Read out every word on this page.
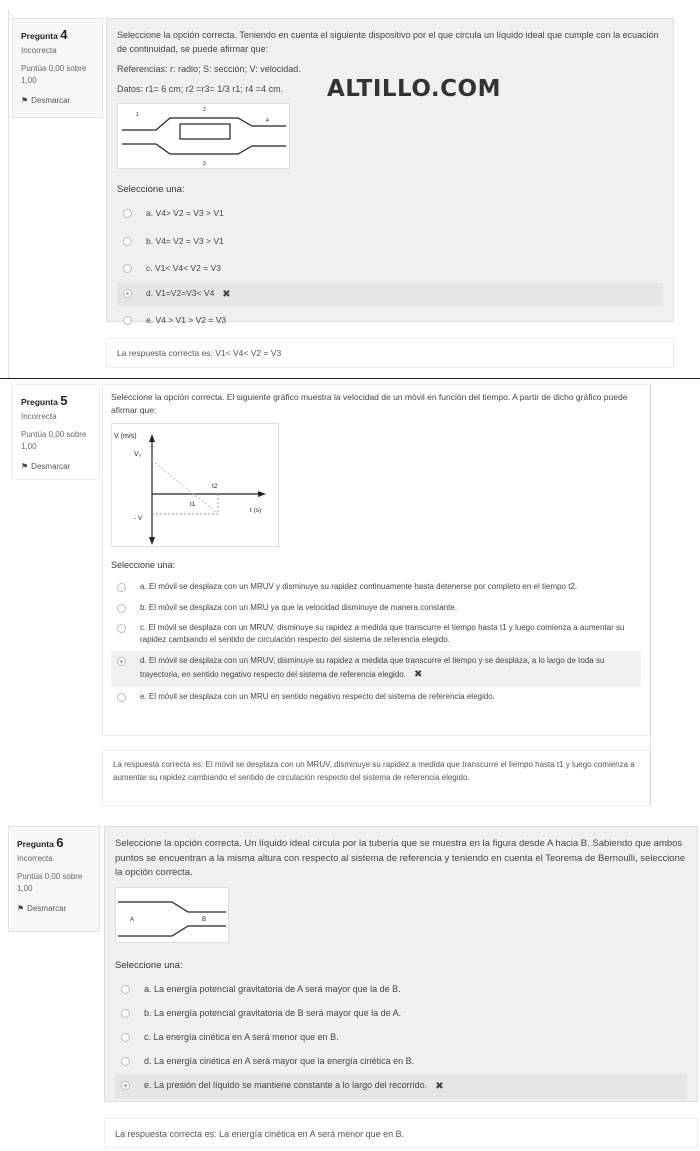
Pregunta 4
Incorrecta
Puntúa 0,00 sobre
1,00
⚑ Desmarcar

Seleccione la opción correcta. Teniendo en cuenta el siguiente dispositivo por el que circula un líquido ideal que cumple con la ecuación de continuidad, se puede afirmar que:

Referencias: r: radio; S: sección; V: velocidad.

Datos: r1= 6 cm; r2 =r3= 1/3 r1; r4 =4 cm.

1
2
4
3
Seleccione una:
a. V4> V2 = V3 > V1
b. V4= V2 = V3 > V1
c. V1< V4< V2 = V3
d. V1=V2=V3< V4 ✖
e. V4 > V1 > V2 = V3
ALTILLO.COM
La respuesta correcta es: V1< V4< V2 = V3
Pregunta 5
Incorrecta
Puntúa 0,00 sobre
1,00
⚑ Desmarcar

Seleccione la opción correcta. El siguiente gráfico muestra la velocidad de un móvil en función del tiempo. A partir de dicho gráfico puede afirmar que:

V (m/s)
V₀
t2
t1
t (s)
- V
Seleccione una:
a. El móvil se desplaza con un MRUV y disminuye su rapidez continuamente hasta detenerse por completo en el tiempo t2.
b. El móvil se desplaza con un MRU ya que la velocidad disminuye de manera constante.
c. El móvil se desplaza con un MRUV, disminuye su rapidez a medida que transcurre el tiempo hasta t1 y luego comienza a aumentar su rapidez cambiando el sentido de circulación respecto del sistema de referencia elegido.
d. El móvil se desplaza con un MRUV, disminuye su rapidez a medida que transcurre el tiempo y se desplaza, a lo largo de toda su trayectoria, en sentido negativo respecto del sistema de referencia elegido. ✖
e. El móvil se desplaza con un MRU en sentido negativo respecto del sistema de referencia elegido.
La respuesta correcta es: El móvil se desplaza con un MRUV, disminuye su rapidez a medida que transcurre el tiempo hasta t1 y luego comienza a aumentar su rapidez cambiando el sentido de circulación respecto del sistema de referencia elegido.
Pregunta 6
Incorrecta
Puntúa 0,00 sobre
1,00
⚑ Desmarcar

Seleccione la opción correcta. Un líquido ideal circula por la tubería que se muestra en la figura desde A hacia B. Sabiendo que ambos puntos se encuentran a la misma altura con respecto al sistema de referencia y teniendo en cuenta el Teorema de Bernoulli, seleccione la opción correcta.

A	B
Seleccione una:
a. La energía potencial gravitatoria de A será mayor que la de B.
b. La energía potencial gravitatoria de B será mayor que la de A.
c. La energía cinética en A será menor que en B.
d. La energía cinética en A será mayor que la energía cinética en B.
e. La presión del líquido se mantiene constante a lo largo del recorrido. ✖
La respuesta correcta es: La energía cinética en A será menor que en B.
